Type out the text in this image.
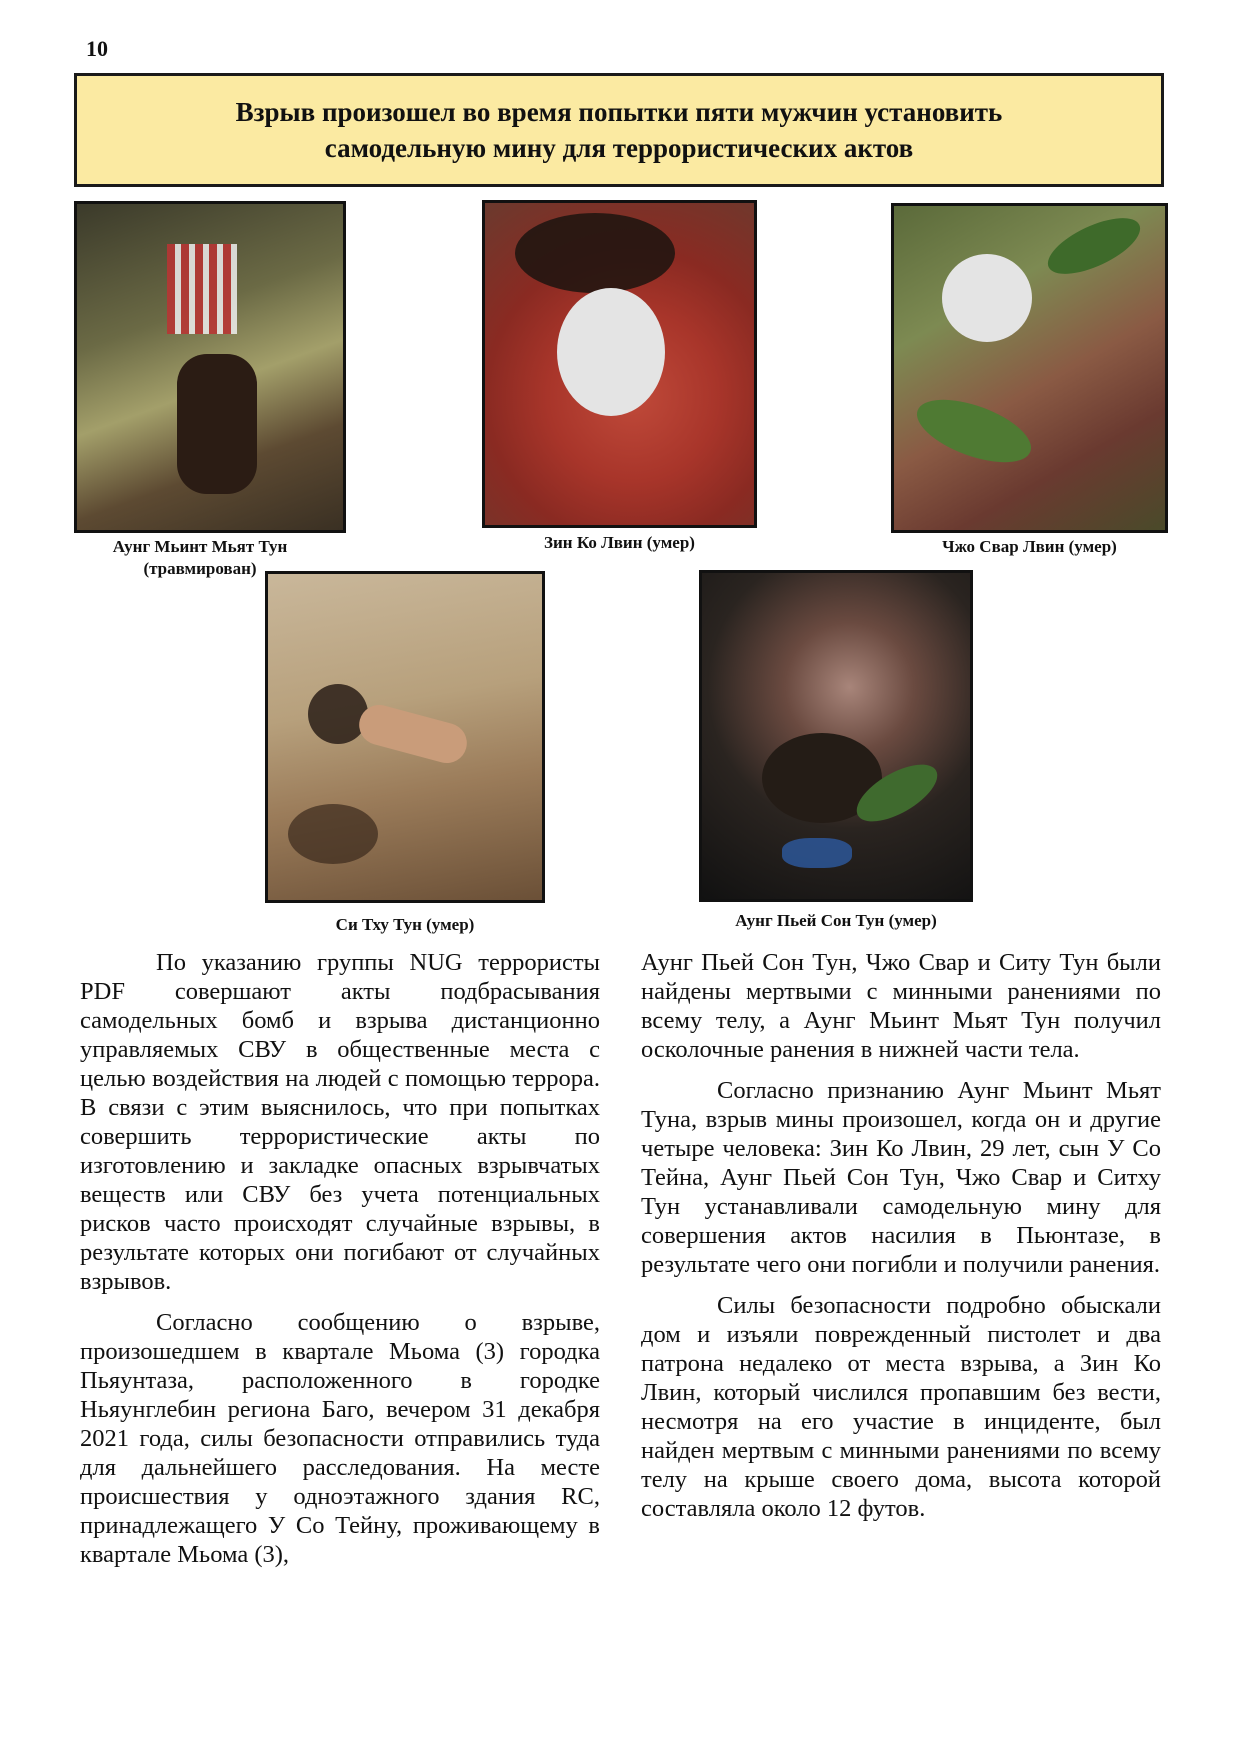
10
Взрыв произошел во время попытки пяти мужчин установить
самодельную мину для террористических актов
Аунг Мьинт Мьят Тун
(травмирован)
Зин Ко Лвин (умер)	Чжо Свар Лвин (умер)
Си Тху Тун (умер)	Аунг Пьей Сон Тун (умер)

По указанию группы NUG террористы PDF совершают акты подбрасывания самодельных бомб и взрыва дистанционно управляемых СВУ в общественные места с целью воздействия на людей с помощью террора. В связи с этим выяснилось, что при попытках совершить террористические акты по изготовлению и закладке опасных взрывчатых веществ или СВУ без учета потенциальных рисков часто происходят случайные взрывы, в результате которых они погибают от случайных взрывов.

Согласно сообщению о взрыве, произошедшем в квартале Мьома (3) городка Пьяунтаза, расположенного в городке Ньяунглебин региона Баго, вечером 31 декабря 2021 года, силы безопасности отправились туда для дальнейшего расследования. На месте происшествия у одноэтажного здания RC, принадлежащего У Со Тейну, проживающему в квартале Мьома (3),

Аунг Пьей Сон Тун, Чжо Свар и Ситу Тун были найдены мертвыми с минными ранениями по всему телу, а Аунг Мьинт Мьят Тун получил осколочные ранения в нижней части тела.

Согласно признанию Аунг Мьинт Мьят Туна, взрыв мины произошел, когда он и другие четыре человека: Зин Ко Лвин, 29 лет, сын У Со Тейна, Аунг Пьей Сон Тун, Чжо Свар и Ситху Тун устанавливали самодельную мину для совершения актов насилия в Пьюнтазе, в результате чего они погибли и получили ранения.

Силы безопасности подробно обыскали дом и изъяли поврежденный пистолет и два патрона недалеко от места взрыва, а Зин Ко Лвин, который числился пропавшим без вести, несмотря на его участие в инциденте, был найден мертвым с минными ранениями по всему телу на крыше своего дома, высота которой составляла около 12 футов.
